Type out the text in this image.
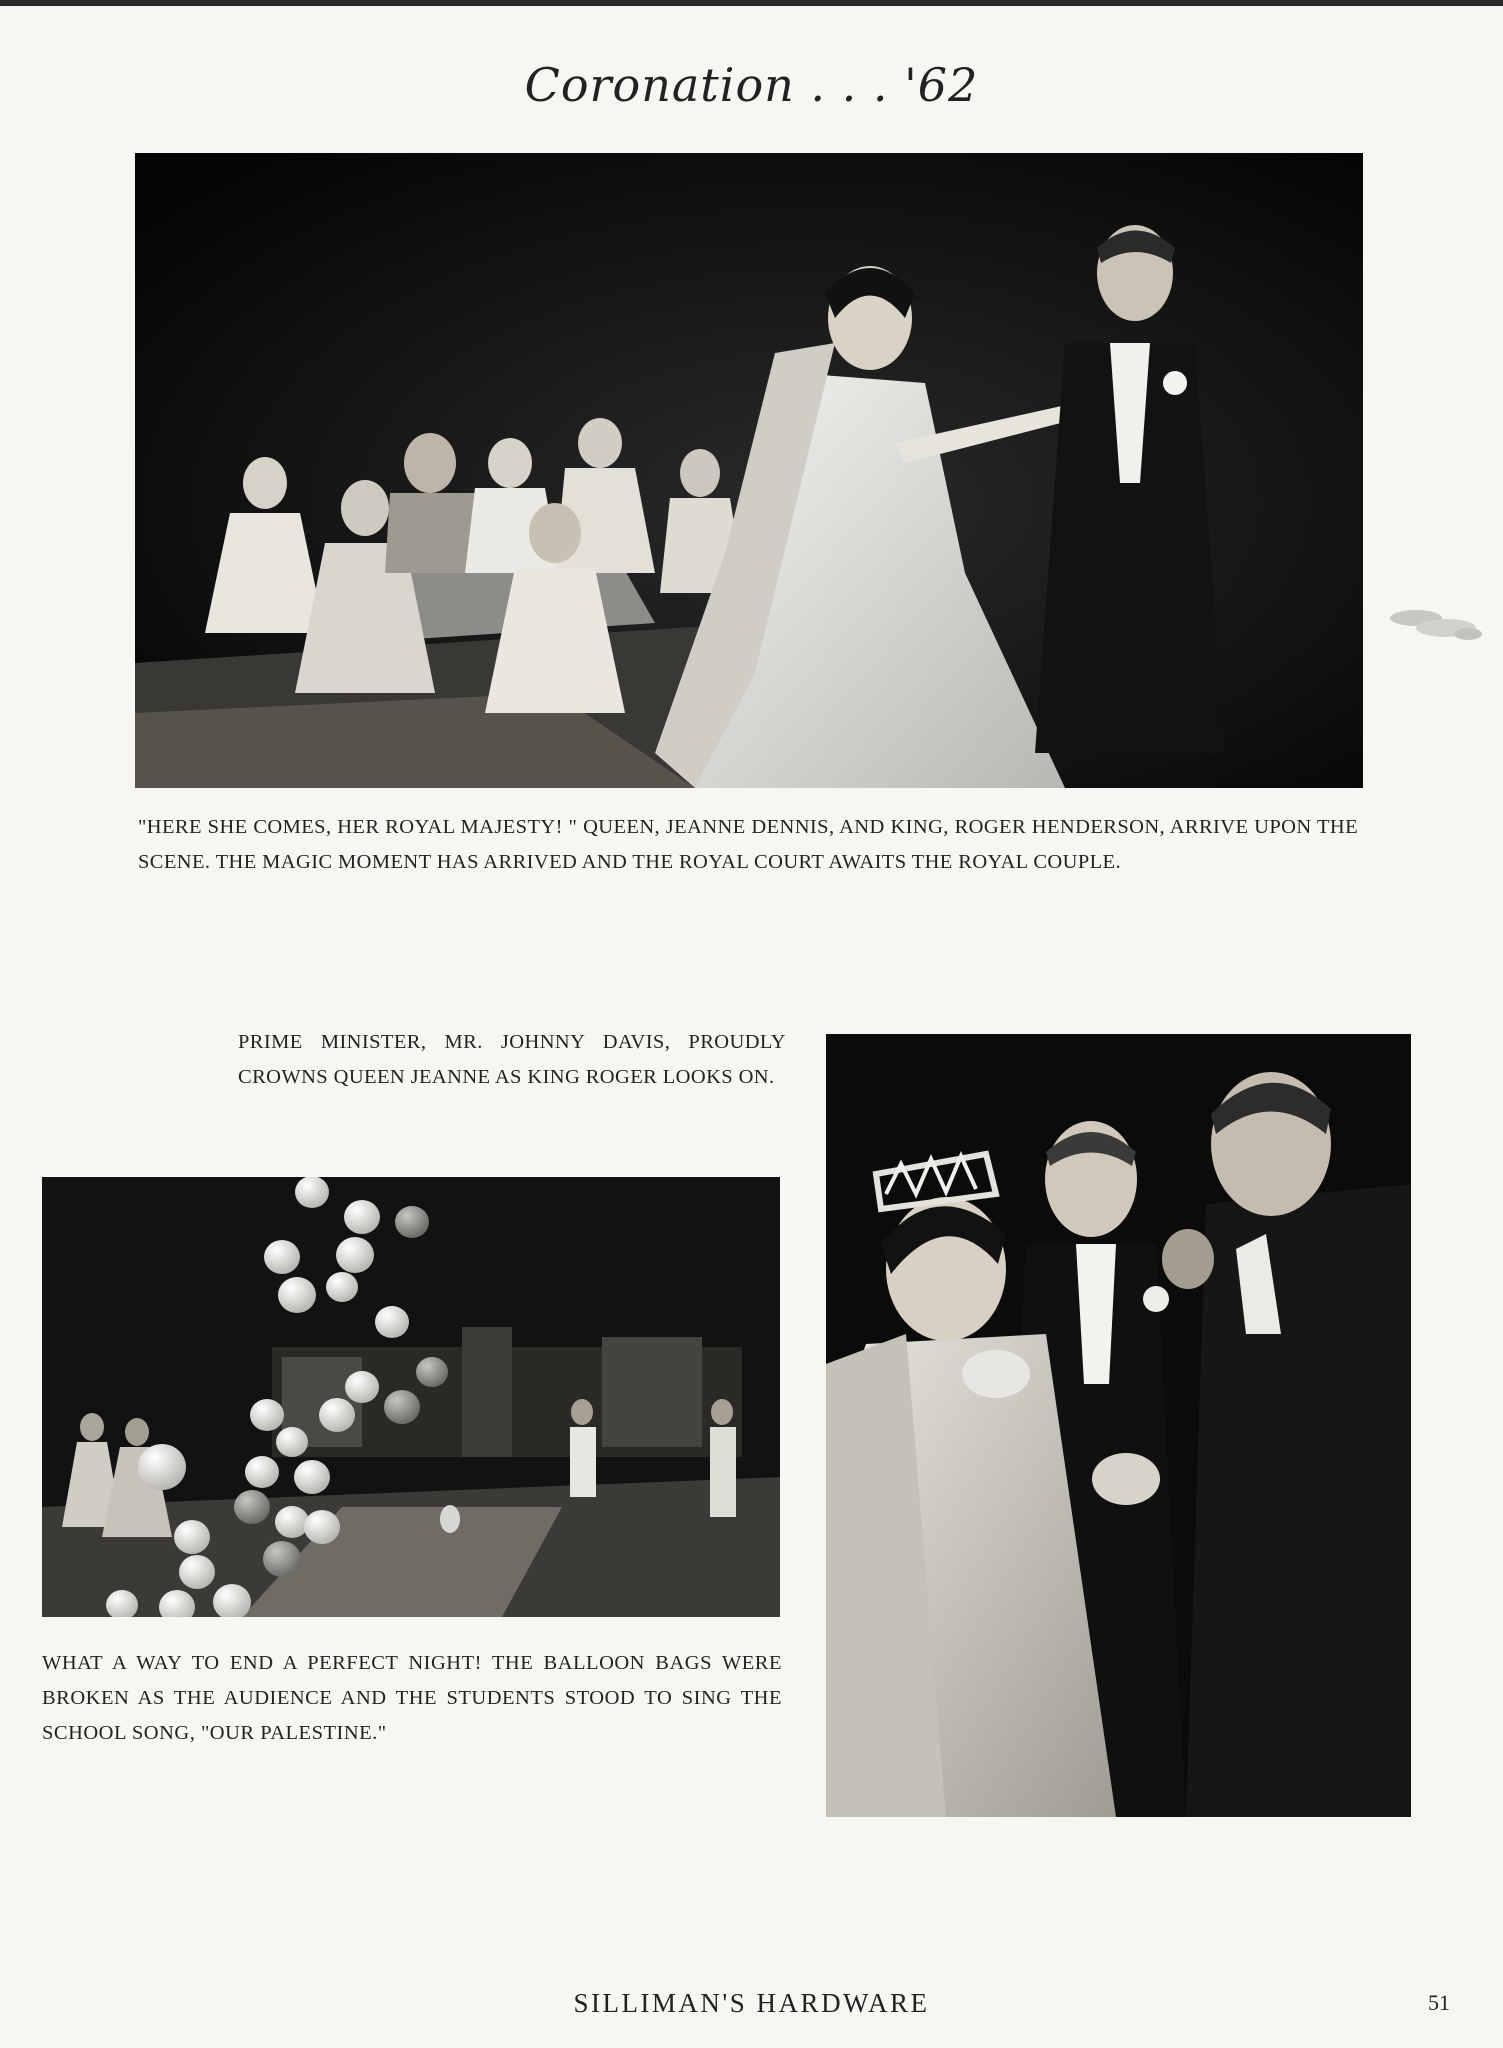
Coronation . . . '62
"HERE SHE COMES, HER ROYAL MAJESTY! " QUEEN, JEANNE DENNIS, AND KING, ROGER HENDERSON, ARRIVE UPON THE SCENE. THE MAGIC MOMENT HAS ARRIVED AND THE ROYAL COURT AWAITS THE ROYAL COUPLE.
PRIME MINISTER, MR. JOHNNY DAVIS, PROUDLY CROWNS QUEEN JEANNE AS KING ROGER LOOKS ON.
WHAT A WAY TO END A PERFECT NIGHT! THE BALLOON BAGS WERE BROKEN AS THE AUDIENCE AND THE STUDENTS STOOD TO SING THE SCHOOL SONG, "OUR PALESTINE."
SILLIMAN'S HARDWARE	51
